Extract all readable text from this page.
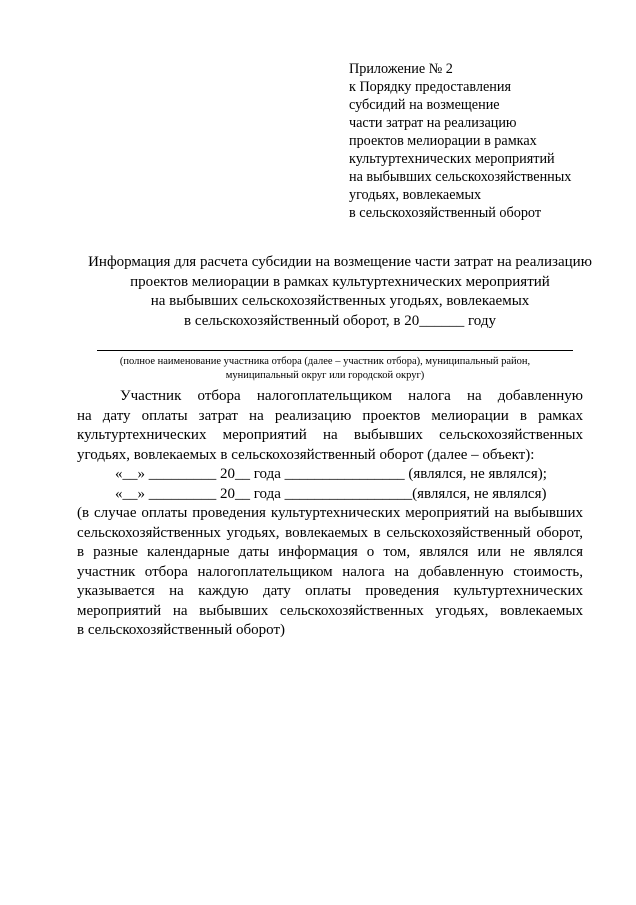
Приложение № 2
к Порядку предоставления
субсидий на возмещение
части затрат на реализацию
проектов мелиорации в рамках
культуртехнических мероприятий
на выбывших сельскохозяйственных
угодьях, вовлекаемых
в сельскохозяйственный оборот
Информация для расчета субсидии на возмещение части затрат на реализацию
проектов мелиорации в рамках культуртехнических мероприятий
на выбывших сельскохозяйственных угодьях, вовлекаемых
в сельскохозяйственный оборот, в 20______ году
(полное наименование участника отбора (далее – участник отбора), муниципальный район,
муниципальный округ или городской округ)
Участник отбора налогоплательщиком налога на добавленную
на дату оплаты затрат на реализацию проектов мелиорации в рамках
культуртехнических мероприятий на выбывших сельскохозяйственных
угодьях, вовлекаемых в сельскохозяйственный оборот (далее – объект):
«__» _________ 20__ года ________________ (являлся, не являлся);
«__» _________ 20__ года _________________(являлся, не являлся)
(в случае оплаты проведения культуртехнических мероприятий на выбывших
сельскохозяйственных угодьях, вовлекаемых в сельскохозяйственный оборот,
в разные календарные даты информация о том, являлся или не являлся
участник отбора налогоплательщиком налога на добавленную стоимость,
указывается на каждую дату оплаты проведения культуртехнических
мероприятий на выбывших сельскохозяйственных угодьях, вовлекаемых
в сельскохозяйственный оборот)
